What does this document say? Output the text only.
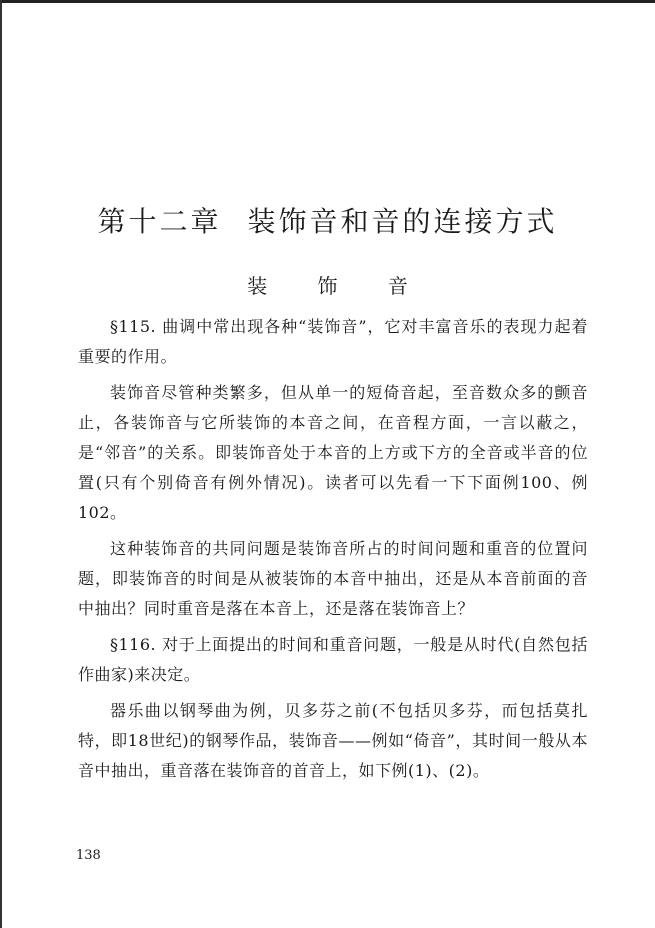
第十二章 装饰音和音的连接方式
装 饰 音

§115. 曲调中常出现各种“装饰音”，它对丰富音乐的表现力起着重要的作用。

装饰音尽管种类繁多，但从单一的短倚音起，至音数众多的颤音止，各装饰音与它所装饰的本音之间，在音程方面，一言以蔽之，是“邻音”的关系。即装饰音处于本音的上方或下方的全音或半音的位置(只有个别倚音有例外情况)。读者可以先看一下下面例100、例102。

这种装饰音的共同问题是装饰音所占的时间问题和重音的位置问题，即装饰音的时间是从被装饰的本音中抽出，还是从本音前面的音中抽出？同时重音是落在本音上，还是落在装饰音上？

§116. 对于上面提出的时间和重音问题，一般是从时代(自然包括作曲家)来决定。

器乐曲以钢琴曲为例，贝多芬之前(不包括贝多芬，而包括莫扎特，即18世纪)的钢琴作品，装饰音——例如“倚音”，其时间一般从本音中抽出，重音落在装饰音的首音上，如下例(1)、(2)。

138
